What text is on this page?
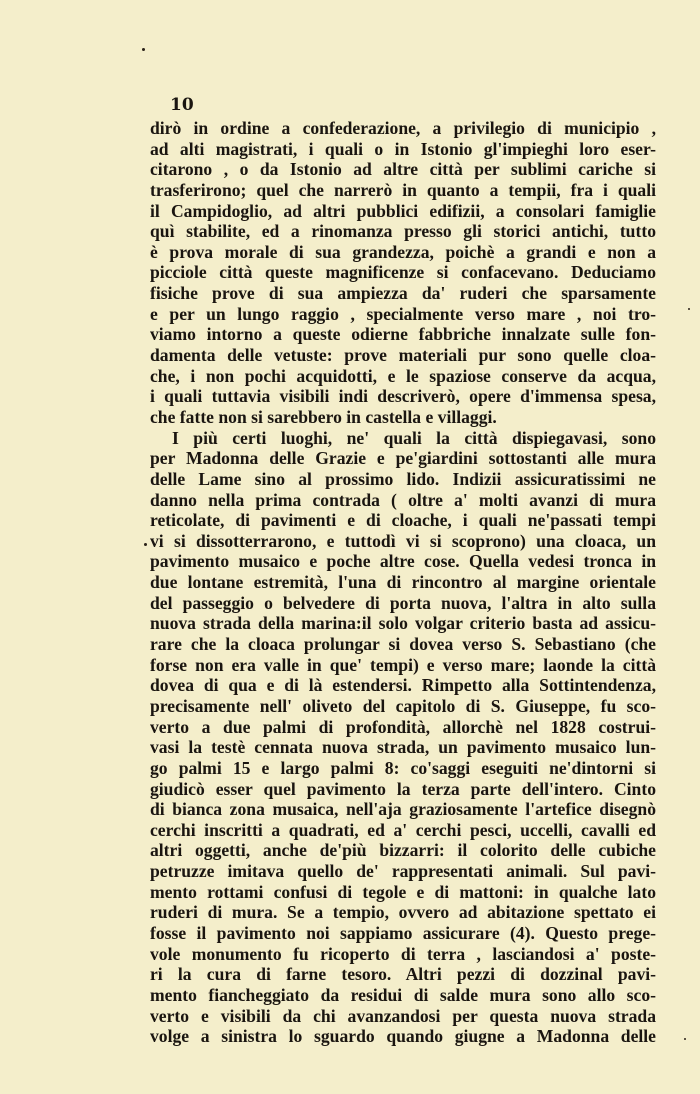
10
dirò in ordine a confederazione, a privilegio di municipio ,
ad alti magistrati, i quali o in Istonio gl'impieghi loro eser-
citarono , o da Istonio ad altre città per sublimi cariche si
trasferirono; quel che narrerò in quanto a tempii, fra i quali
il Campidoglio, ad altri pubblici edifizii, a consolari famiglie
quì stabilite, ed a rinomanza presso gli storici antichi, tutto
è prova morale di sua grandezza, poichè a grandi e non a
picciole città queste magnificenze si confacevano. Deduciamo
fisiche prove di sua ampiezza da' ruderi che sparsamente
e per un lungo raggio , specialmente verso mare , noi tro-
viamo intorno a queste odierne fabbriche innalzate sulle fon-
damenta delle vetuste: prove materiali pur sono quelle cloa-
che, i non pochi acquidotti, e le spaziose conserve da acqua,
i quali tuttavia visibili indi descriverò, opere d'immensa spesa,
che fatte non si sarebbero in castella e villaggi.
I più certi luoghi, ne' quali la città dispiegavasi, sono
per Madonna delle Grazie e pe'giardini sottostanti alle mura
delle Lame sino al prossimo lido. Indizii assicuratissimi ne
danno nella prima contrada ( oltre a' molti avanzi di mura
reticolate, di pavimenti e di cloache, i quali ne'passati tempi
vi si dissotterrarono, e tuttodì vi si scoprono) una cloaca, un
pavimento musaico e poche altre cose. Quella vedesi tronca in
due lontane estremità, l'una di rincontro al margine orientale
del passeggio o belvedere di porta nuova, l'altra in alto sulla
nuova strada della marina:il solo volgar criterio basta ad assicu-
rare che la cloaca prolungar si dovea verso S. Sebastiano (che
forse non era valle in que' tempi) e verso mare; laonde la città
dovea di qua e di là estendersi. Rimpetto alla Sottintendenza,
precisamente nell' oliveto del capitolo di S. Giuseppe, fu sco-
verto a due palmi di profondità, allorchè nel 1828 costrui-
vasi la testè cennata nuova strada, un pavimento musaico lun-
go palmi 15 e largo palmi 8: co'saggi eseguiti ne'dintorni si
giudicò esser quel pavimento la terza parte dell'intero. Cinto
di bianca zona musaica, nell'aja graziosamente l'artefice disegnò
cerchi inscritti a quadrati, ed a' cerchi pesci, uccelli, cavalli ed
altri oggetti, anche de'più bizzarri: il colorito delle cubiche
petruzze imitava quello de' rappresentati animali. Sul pavi-
mento rottami confusi di tegole e di mattoni: in qualche lato
ruderi di mura. Se a tempio, ovvero ad abitazione spettato ei
fosse il pavimento noi sappiamo assicurare (4). Questo prege-
vole monumento fu ricoperto di terra , lasciandosi a' poste-
ri la cura di farne tesoro. Altri pezzi di dozzinal pavi-
mento fiancheggiato da residui di salde mura sono allo sco-
verto e visibili da chi avanzandosi per questa nuova strada
volge a sinistra lo sguardo quando giugne a Madonna delle
